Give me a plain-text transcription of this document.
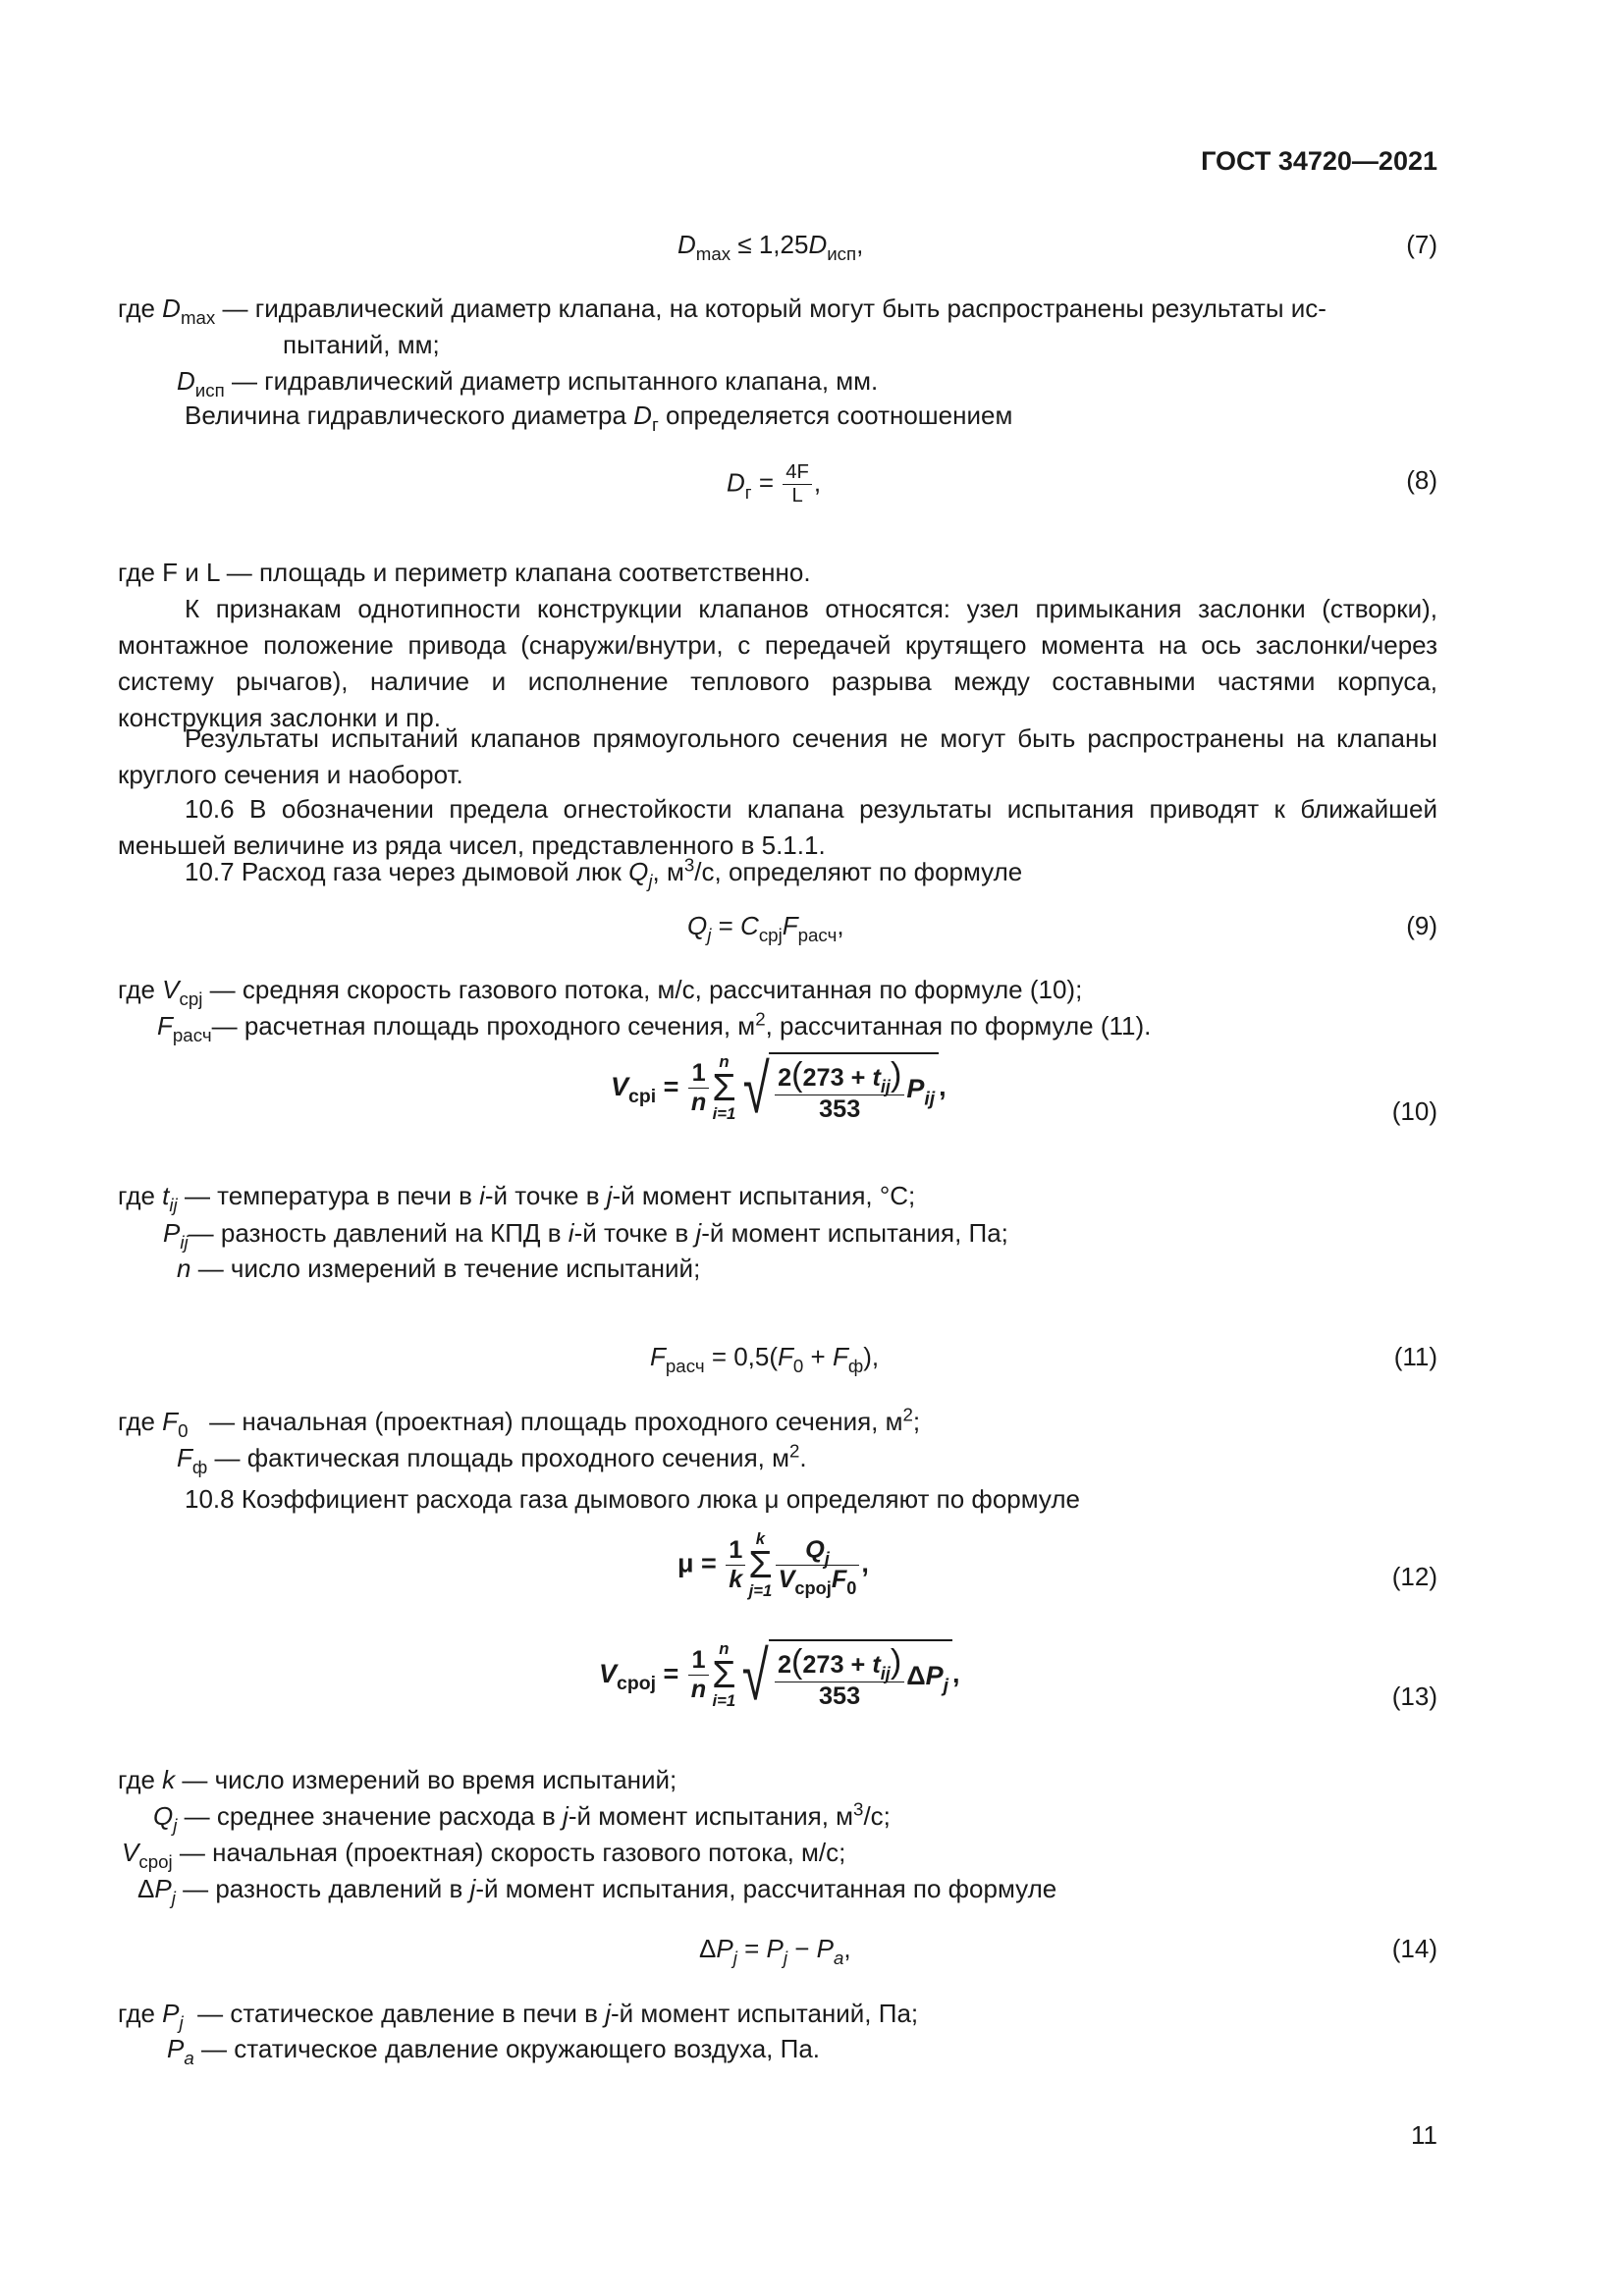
ГОСТ 34720—2021
$D_{max} \le 1,25D_{исп}$,	(7)
где $D_{max}$ — гидравлический диаметр клапана, на который могут быть распространены результаты ис-
пытаний, мм;
$D_{исп}$ — гидравлический диаметр испытанного клапана, мм.
Величина гидравлического диаметра $D_г$ определяется соотношением
$D_г = \frac{4F}{L}$ ,	(8)
где F и L — площадь и периметр клапана соответственно.
К признакам однотипности конструкции клапанов относятся: узел примыкания заслонки (створки), монтажное положение привода (снаружи/внутри, с передачей крутящего момента на ось заслонки/через систему рычагов), наличие и исполнение теплового разрыва между составными частями корпуса, конструкция заслонки и пр.
Результаты испытаний клапанов прямоугольного сечения не могут быть распространены на клапаны круглого сечения и наоборот.
10.6 В обозначении предела огнестойкости клапана результаты испытания приводят к ближайшей меньшей величине из ряда чисел, представленного в 5.1.1.
10.7 Расход газа через дымовой люк $Q_j$, $м^3/с$, определяют по формуле
$Q_j = C_{срj}F_{расч}$,	(9)
где $V_{срj}$ — средняя скорость газового потока, м/с, рассчитанная по формуле (10);
$F_{расч}—$ расчетная площадь проходного сечения, $м^2$, рассчитанная по формуле (11).
$V_{срi} = \frac{1}{n}$ n
Σ
i=1 √ $\frac{2(273 + t_{ij})}{353} P_{ij}$ ,
(10)
где $t_{ij}$ — температура в печи в i-й точке в j-й момент испытания, °С;
$P_{ij}—$ разность давлений на КПД в i-й точке в j-й момент испытания, Па;
n — число измерений в течение испытаний;
$F_{расч} = 0,5(F_0 + F_ф)$,	(11)
где $F_0$ — начальная (проектная) площадь проходного сечения, $м^2$;
$F_ф$ — фактическая площадь проходного сечения, $м^2$.
10.8 Коэффициент расхода газа дымового люка μ определяют по формуле
$\mu = \frac{1}{k}$ k
Σ
$j=1 \frac{Q_j}{V_{сроj}F_0}$ ,	(12)
$V_{сроj} = \frac{1}{n}$ n
Σ
i=1 √ $\frac{2(273 + t_{ij})}{353} \Delta P_j$ ,
(13)
где k — число измерений во время испытаний;
$Q_j$ — среднее значение расхода в j-й момент испытания, $м^3/с$;
$V_{сроj}$ — начальная (проектная) скорость газового потока, м/с;
$\Delta P_j$ — разность давлений в j-й момент испытания, рассчитанная по формуле
$\Delta P_j = P_j - P_a$,	(14)
где $P_j$ — статическое давление в печи в j-й момент испытаний, Па;
$P_a$ — статическое давление окружающего воздуха, Па.
11
